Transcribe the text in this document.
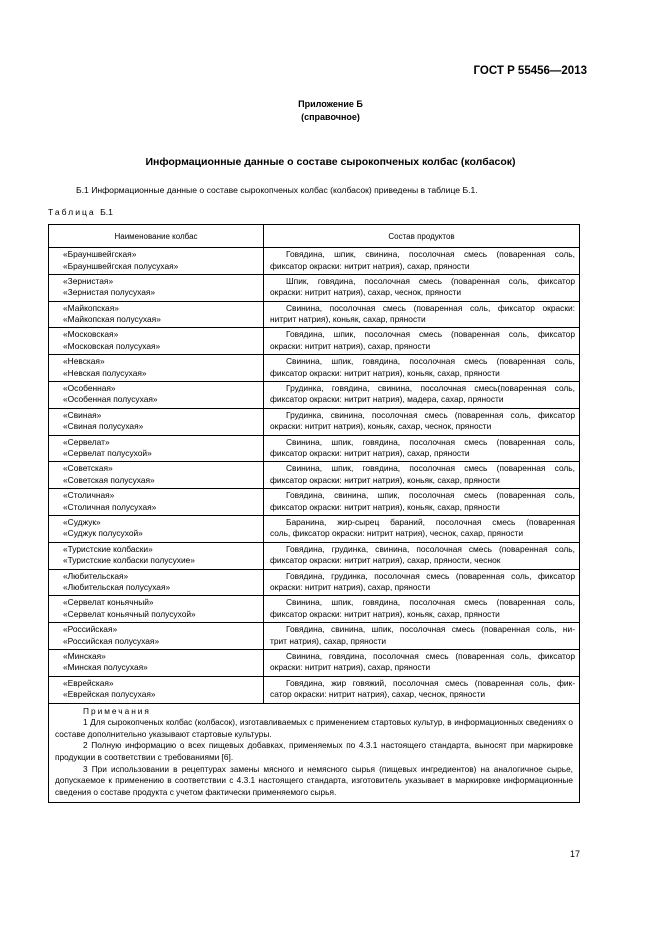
ГОСТ Р 55456—2013
Приложение Б
(справочное)
Информационные данные о составе сырокопченых колбас (колбасок)
Б.1 Информационные данные о составе сырокопченых колбас (колбасок) приведены в таблице Б.1.
Таблица Б.1
Наименование колбас	Состав продуктов

«Брауншвейгская»
«Брауншвейгская полусухая»	Говядина, шпик, свинина, посолочная смесь (поваренная соль,
фиксатор окраски: нитрит натрия), сахар, пряности

«Зернистая»
«Зернистая полусухая»	Шпик, говядина, посолочная смесь (поваренная соль, фиксатор
окраски: нитрит натрия), сахар, чеснок, пряности

«Майкопская»
«Майкопская полусухая»	Свинина, посолочная смесь (поваренная соль, фиксатор окраски:
нитрит натрия), коньяк, сахар, пряности

«Московская»
«Московская полусухая»	Говядина, шпик, посолочная смесь (поваренная соль, фиксатор
окраски: нитрит натрия), сахар, пряности

«Невская»
«Невская полусухая»	Свинина, шпик, говядина, посолочная смесь (поваренная соль,
фиксатор окраски: нитрит натрия), коньяк, сахар, пряности

«Особенная»
«Особенная полусухая»	Грудинка, говядина, свинина, посолочная смесь(поваренная соль,
фиксатор окраски: нитрит натрия), мадера, сахар, пряности

«Свиная»
«Свиная полусухая»	Грудинка, свинина, посолочная смесь (поваренная соль, фиксатор
окраски: нитрит натрия), коньяк, сахар, чеснок, пряности

«Сервелат»
«Сервелат полусухой»	Свинина, шпик, говядина, посолочная смесь (поваренная соль,
фиксатор окраски: нитрит натрия), сахар, пряности

«Советская»
«Советская полусухая»	Свинина, шпик, говядина, посолочная смесь (поваренная соль,
фиксатор окраски: нитрит натрия), коньяк, сахар, пряности

«Столичная»
«Столичная полусухая»	Говядина, свинина, шпик, посолочная смесь (поваренная соль,
фиксатор окраски: нитрит натрия), коньяк, сахар, пряности

«Суджук»
«Суджук полусухой»	Баранина, жир-сырец бараний, посолочная смесь (поваренная
соль, фиксатор окраски: нитрит натрия), чеснок, сахар, пряности

«Туристские колбаски»
«Туристские колбаски полусухие»	Говядина, грудинка, свинина, посолочная смесь (поваренная соль,
фиксатор окраски: нитрит натрия), сахар, пряности, чеснок

«Любительская»
«Любительская полусухая»	Говядина, грудинка, посолочная смесь (поваренная соль, фиксатор
окраски: нитрит натрия), сахар, пряности

«Сервелат коньячный»
«Сервелат коньячный полусухой»	Свинина, шпик, говядина, посолочная смесь (поваренная соль,
фиксатор окраски: нитрит натрия), коньяк, сахар, пряности

«Российская»
«Российская полусухая»	Говядина, свинина, шпик, посолочная смесь (поваренная соль, ни-
трит натрия), сахар, пряности

«Минская»
«Минская полусухая»	Свинина, говядина, посолочная смесь (поваренная соль, фиксатор
окраски: нитрит натрия), сахар, пряности

«Еврейская»
«Еврейская полусухая»	Говядина, жир говяжий, посолочная смесь (поваренная соль, фик-
сатор окраски: нитрит натрия), сахар, чеснок, пряности

Примечания
1 Для сырокопченых колбас (колбасок), изготавливаемых с применением стартовых культур, в информационных сведениях о составе дополнительно указывают стартовые культуры.
2 Полную информацию о всех пищевых добавках, применяемых по 4.3.1 настоящего стандарта, выносят при маркировке продукции в соответствии с требованиями [6].
3 При использовании в рецептурах замены мясного и немясного сырья (пищевых ингредиентов) на аналогичное сырье, допускаемое к применению в соответствии с 4.3.1 настоящего стандарта, изготовитель указывает в маркировке информационные сведения о составе продукта с учетом фактически применяемого сырья.	
17
